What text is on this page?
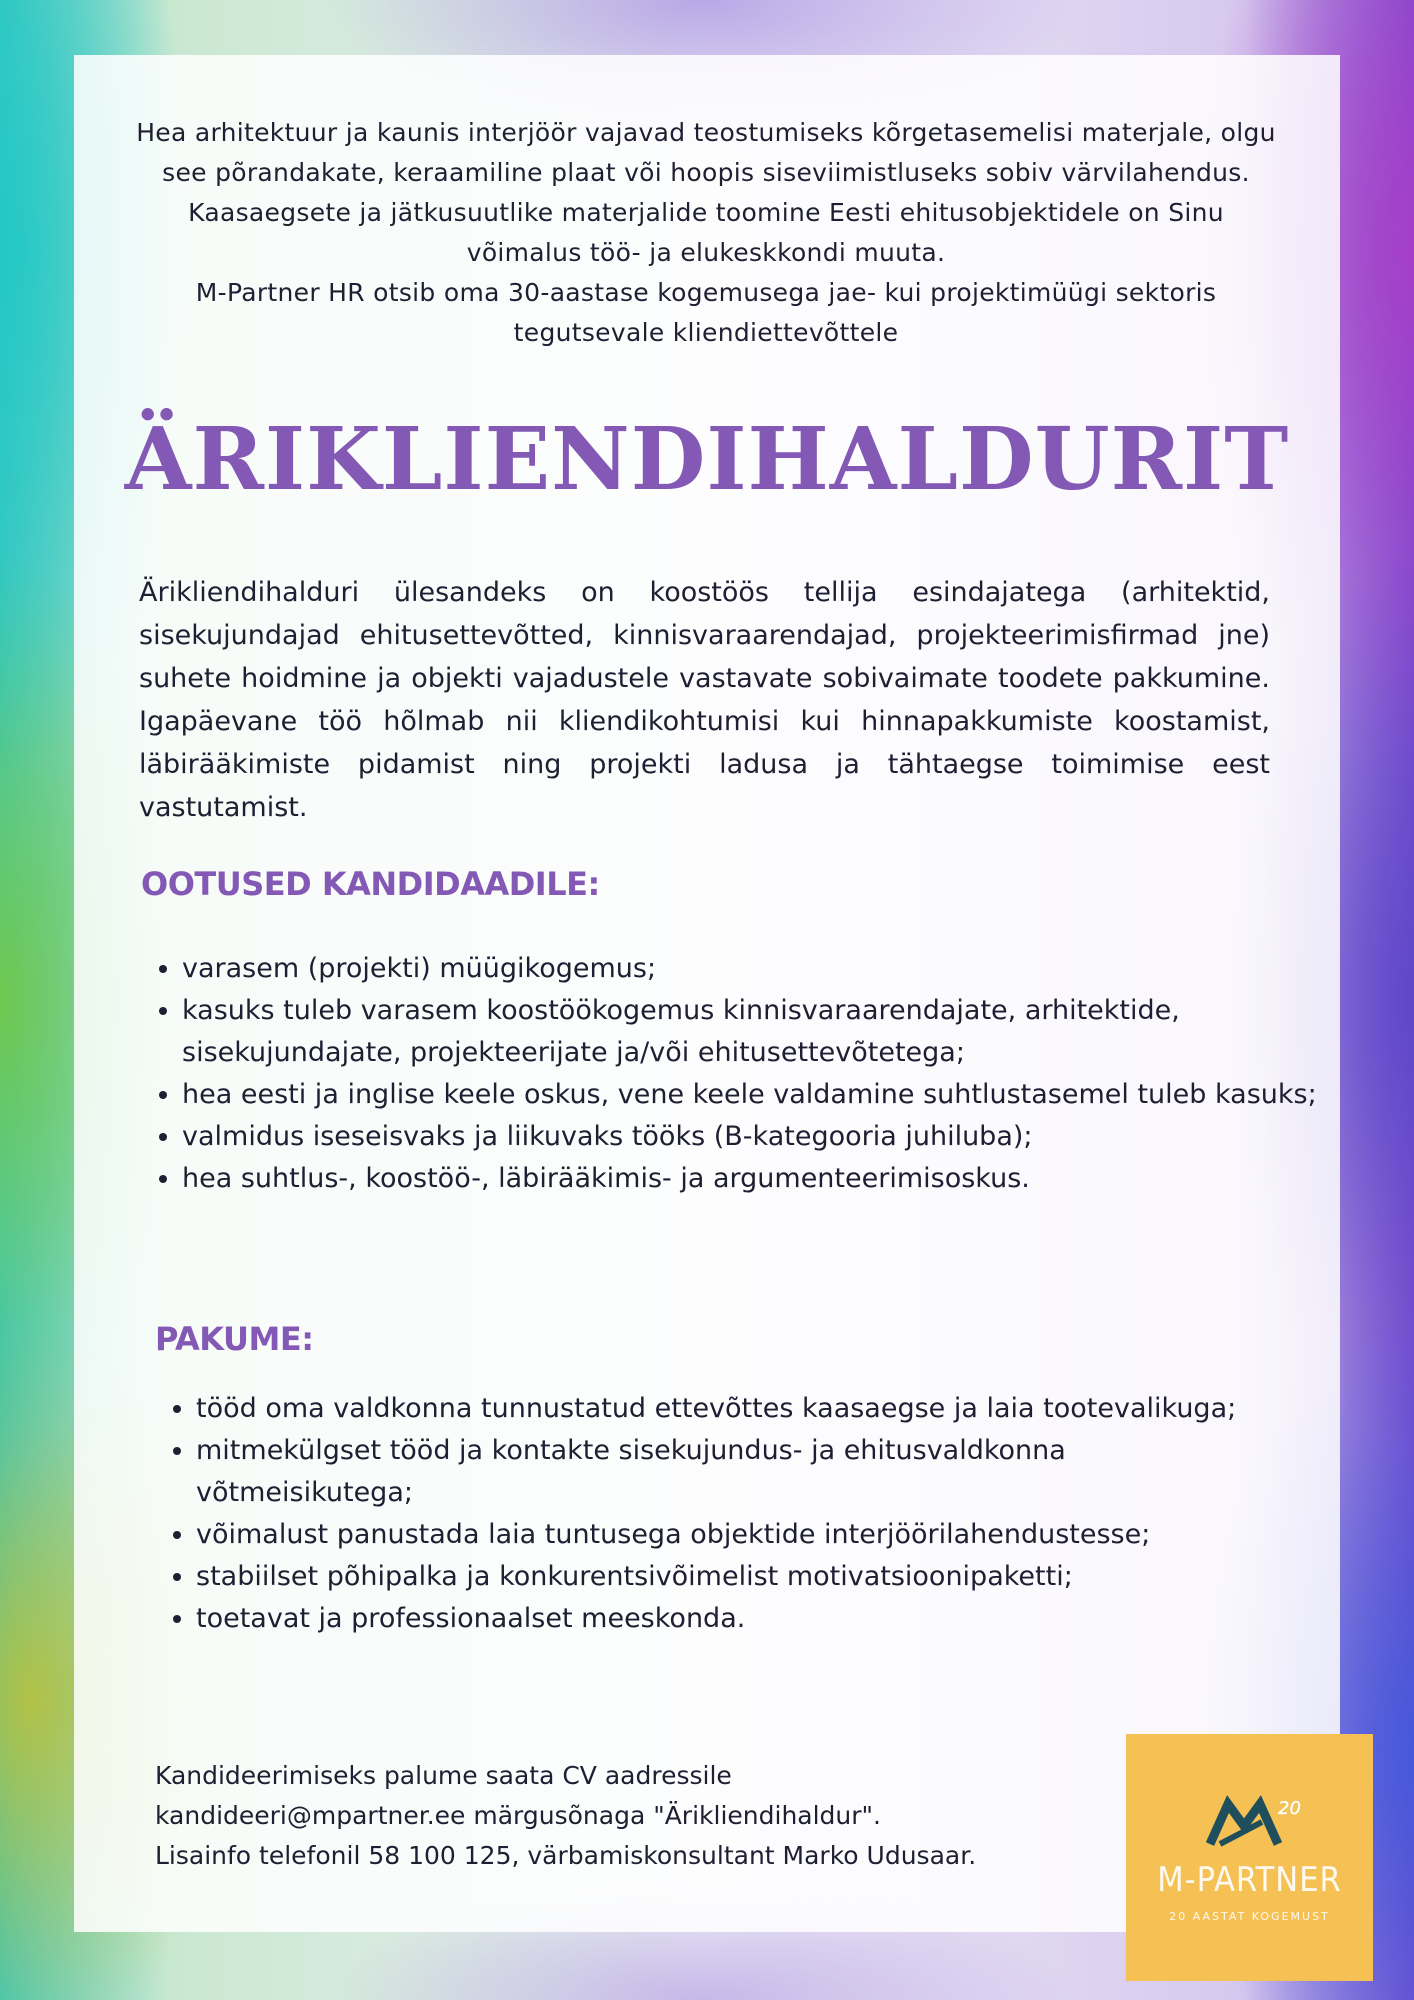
Hea arhitektuur ja kaunis interjöör vajavad teostumiseks kõrgetasemelisi materjale, olgu

see põrandakate, keraamiline plaat või hoopis siseviimistluseks sobiv värvilahendus.

Kaasaegsete ja jätkusuutlike materjalide toomine Eesti ehitusobjektidele on Sinu

võimalus töö- ja elukeskkondi muuta.

M-Partner HR otsib oma 30-aastase kogemusega jae- kui projektimüügi sektoris

tegutsevale kliendiettevõttele

ÄRIKLIENDIHALDURIT

Ärikliendihalduri ülesandeks on koostöös tellija esindajatega (arhitektid, sisekujundajad ehitusettevõtted, kinnisvaraarendajad, projekteerimisfirmad jne) suhete hoidmine ja objekti vajadustele vastavate sobivaimate toodete pakkumine. Igapäevane töö hõlmab nii kliendikohtumisi kui hinnapakkumiste koostamist, läbirääkimiste pidamist ning projekti ladusa ja tähtaegse toimimise eest vastutamist.

OOTUSED KANDIDAADILE:
• varasem (projekti) müügikogemus;
• kasuks tuleb varasem koostöökogemus kinnisvaraarendajate, arhitektide, sisekujundajate, projekteerijate ja/või ehitusettevõtetega;
• hea eesti ja inglise keele oskus, vene keele valdamine suhtlustasemel tuleb kasuks;
• valmidus iseseisvaks ja liikuvaks tööks (B-kategooria juhiluba);
• hea suhtlus-, koostöö-, läbirääkimis- ja argumenteerimisoskus.
PAKUME:
• tööd oma valdkonna tunnustatud ettevõttes kaasaegse ja laia tootevalikuga;
• mitmekülgset tööd ja kontakte sisekujundus- ja ehitusvaldkonna võtmeisikutega;
• võimalust panustada laia tuntusega objektide interjöörilahendustesse;
• stabiilset põhipalka ja konkurentsivõimelist motivatsioonipaketti;
• toetavat ja professionaalset meeskonda.

Kandideerimiseks palume saata CV aadressile

kandideeri@mpartner.ee märgusõnaga "Ärikliendihaldur".

Lisainfo telefonil 58 100 125, värbamiskonsultant Marko Udusaar.

20
M-PARTNER
20 AASTAT KOGEMUST
